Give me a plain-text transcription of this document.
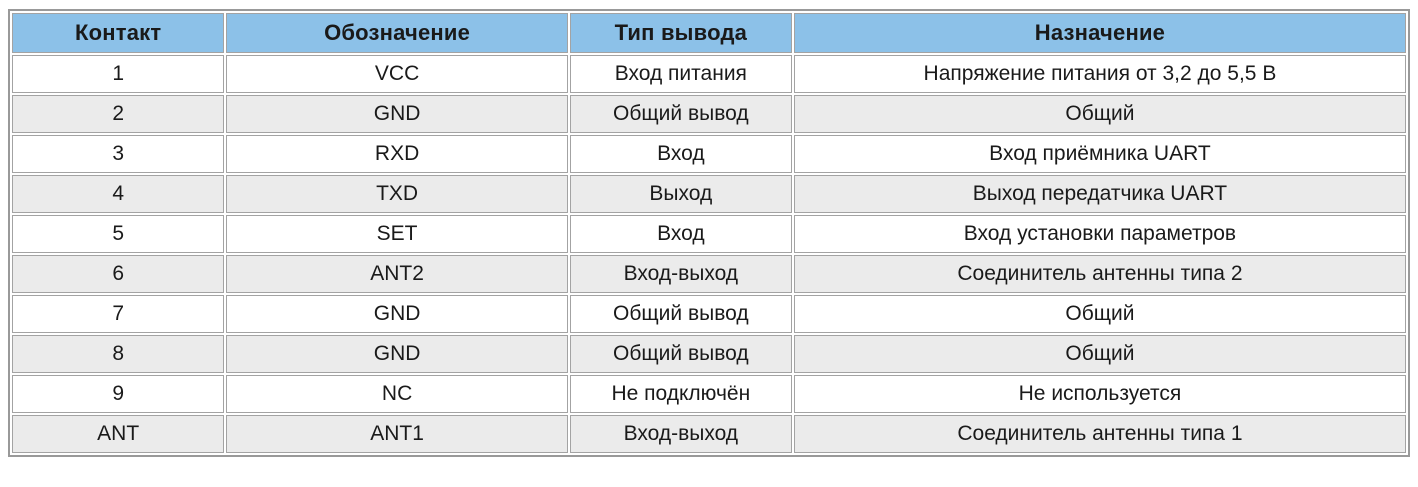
Контакт	Обозначение	Тип вывода	Назначение
1	VCC	Вход питания	Напряжение питания от 3,2 до 5,5 В
2	GND	Общий вывод	Общий
3	RXD	Вход	Вход приёмника UART
4	TXD	Выход	Выход передатчика UART
5	SET	Вход	Вход установки параметров
6	ANT2	Вход-выход	Соединитель антенны типа 2
7	GND	Общий вывод	Общий
8	GND	Общий вывод	Общий
9	NC	Не подключён	Не используется
ANT	ANT1	Вход-выход	Соединитель антенны типа 1
